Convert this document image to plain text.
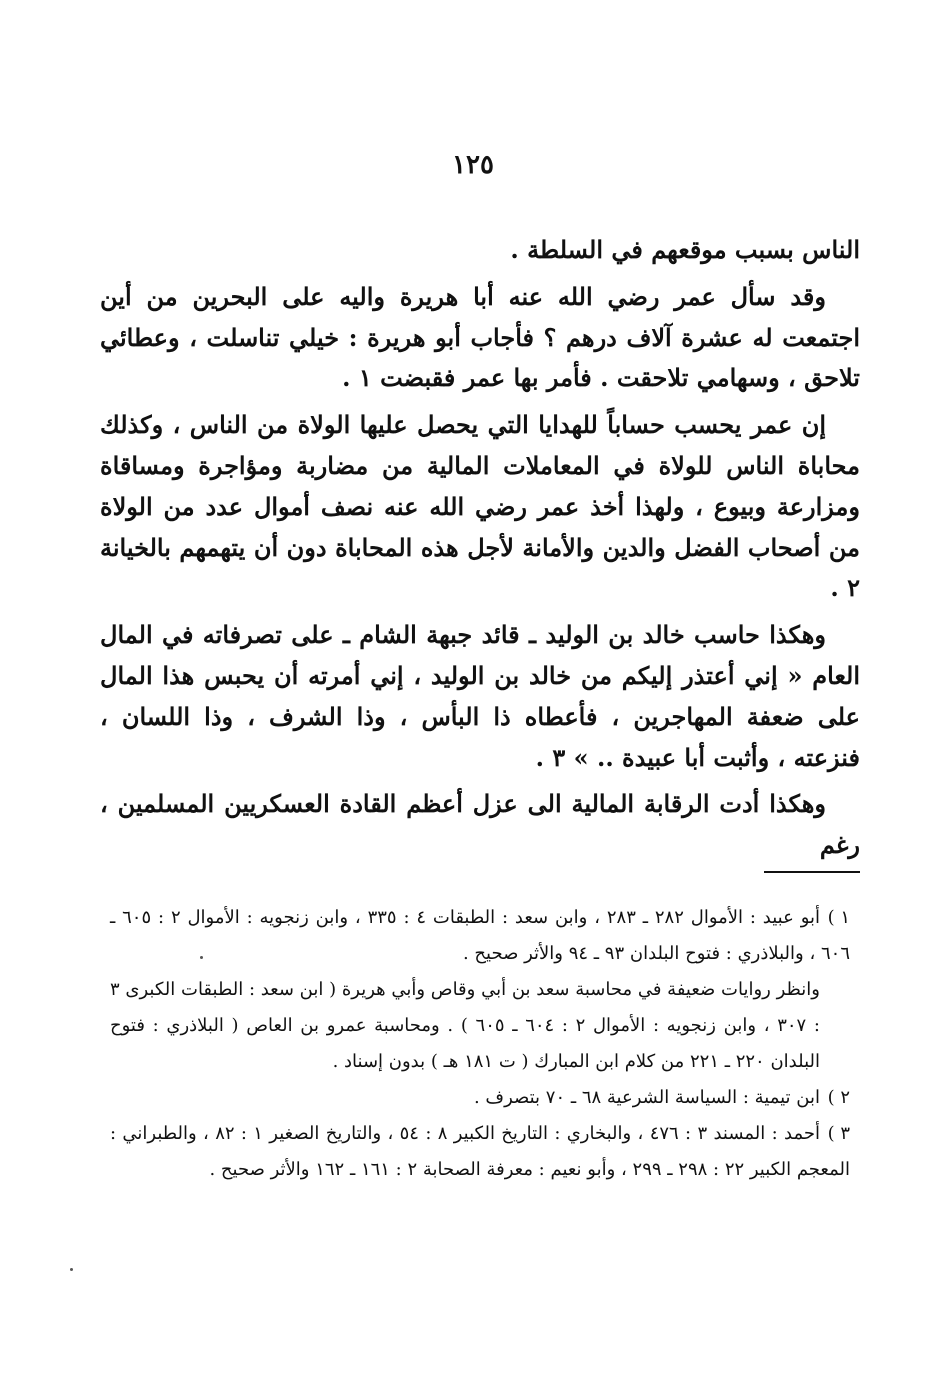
١٢٥

الناس بسبب موقعهم في السلطة .

وقد سأل عمر رضي الله عنه أبا هريرة واليه على البحرين من أين اجتمعت له عشرة آلاف درهم ؟ فأجاب أبو هريرة : خيلي تناسلت ، وعطائي تلاحق ، وسهامي تلاحقت . فأمر بها عمر فقبضت ١ .

إن عمر يحسب حساباً للهدايا التي يحصل عليها الولاة من الناس ، وكذلك محاباة الناس للولاة في المعاملات المالية من مضاربة ومؤاجرة ومساقاة ومزارعة وبيوع ، ولهذا أخذ عمر رضي الله عنه نصف أموال عدد من الولاة من أصحاب الفضل والدين والأمانة لأجل هذه المحاباة دون أن يتهمهم بالخيانة ٢ .

وهكذا حاسب خالد بن الوليد ـ قائد جبهة الشام ـ على تصرفاته في المال العام « إني أعتذر إليكم من خالد بن الوليد ، إني أمرته أن يحبس هذا المال على ضعفة المهاجرين ، فأعطاه ذا البأس ، وذا الشرف ، وذا اللسان ، فنزعته ، وأثبت أبا عبيدة .. » ٣ .

وهكذا أدت الرقابة المالية الى عزل أعظم القادة العسكريين المسلمين ، رغم

١ )أبو عبيد : الأموال ٢٨٢ ـ ٢٨٣ ، وابن سعد : الطبقات ٤ : ٣٣٥ ، وابن زنجويه : الأموال ٢ : ٦٠٥ ـ ٦٠٦ ، والبلاذري : فتوح البلدان ٩٣ ـ ٩٤ والأثر صحيح .

وانظر روايات ضعيفة في محاسبة سعد بن أبي وقاص وأبي هريرة ( ابن سعد : الطبقات الكبرى ٣ : ٣٠٧ ، وابن زنجويه : الأموال ٢ : ٦٠٤ ـ ٦٠٥ ) . ومحاسبة عمرو بن العاص ( البلاذري : فتوح البلدان ٢٢٠ ـ ٢٢١ من كلام ابن المبارك ( ت ١٨١ هـ ) بدون إسناد .

٢ )ابن تيمية : السياسة الشرعية ٦٨ ـ ٧٠ بتصرف .

٣ )أحمد : المسند ٣ : ٤٧٦ ، والبخاري : التاريخ الكبير ٨ : ٥٤ ، والتاريخ الصغير ١ : ٨٢ ، والطبراني : المعجم الكبير ٢٢ : ٢٩٨ ـ ٢٩٩ ، وأبو نعيم : معرفة الصحابة ٢ : ١٦١ ـ ١٦٢ والأثر صحيح .
